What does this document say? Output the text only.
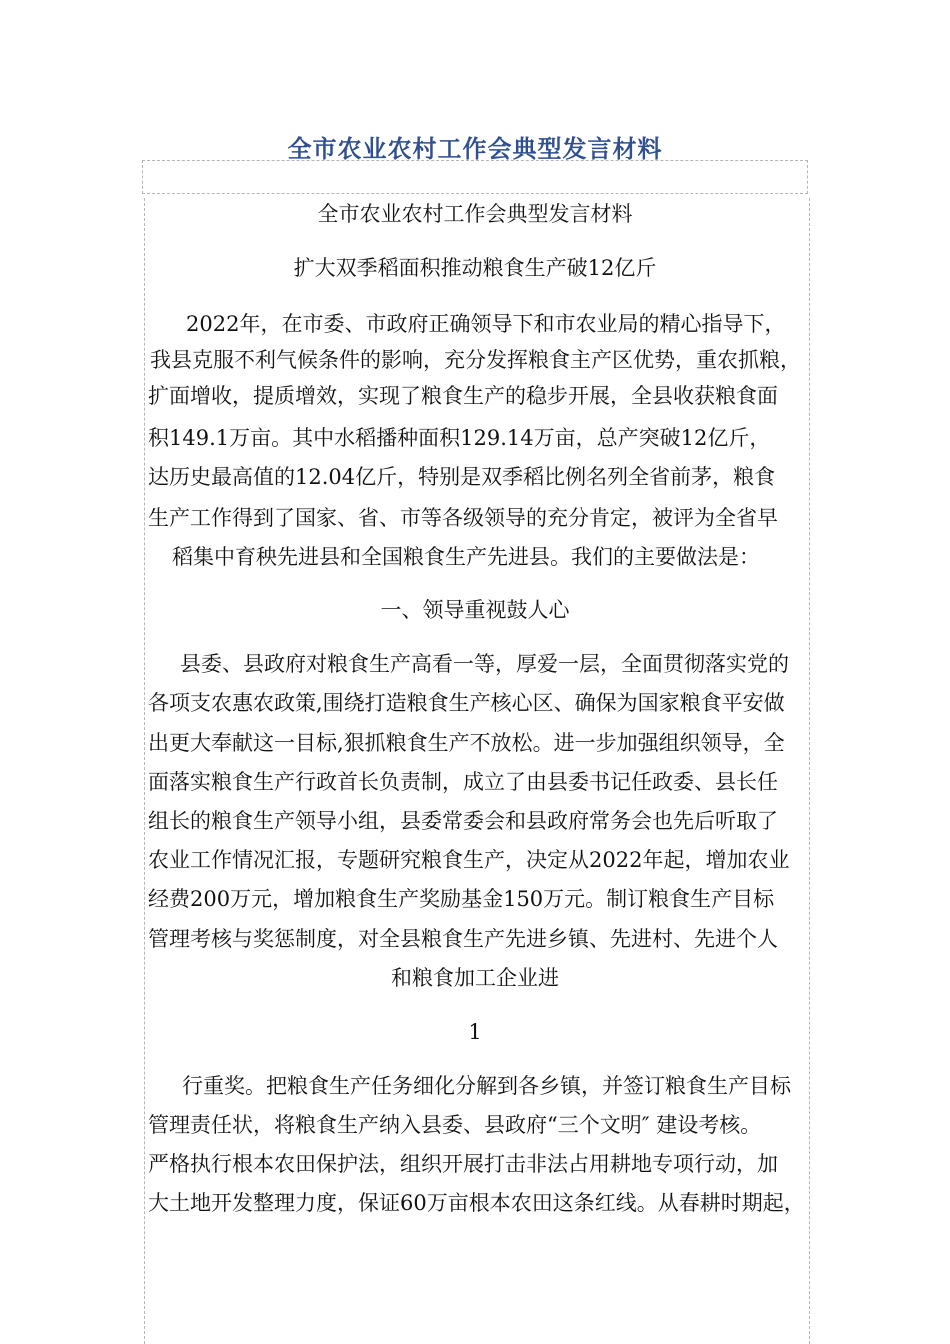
全市农业农村工作会典型发言材料
全市农业农村工作会典型发言材料
扩大双季稻面积推动粮食生产破12亿斤
2022年，在市委、市政府正确领导下和市农业局的精心指导下，
我县克服不利气候条件的影响，充分发挥粮食主产区优势，重农抓粮，
扩面增收，提质增效，实现了粮食生产的稳步开展，全县收获粮食面
积149.1万亩。其中水稻播种面积129.14万亩，总产突破12亿斤，
达历史最高值的12.04亿斤，特别是双季稻比例名列全省前茅，粮食
生产工作得到了国家、省、市等各级领导的充分肯定，被评为全省早
稻集中育秧先进县和全国粮食生产先进县。我们的主要做法是：
一、领导重视鼓人心
县委、县政府对粮食生产高看一等，厚爱一层，全面贯彻落实党的
各项支农惠农政策,围绕打造粮食生产核心区、确保为国家粮食平安做
出更大奉献这一目标,狠抓粮食生产不放松。进一步加强组织领导，全
面落实粮食生产行政首长负责制，成立了由县委书记任政委、县长任
组长的粮食生产领导小组，县委常委会和县政府常务会也先后听取了
农业工作情况汇报，专题研究粮食生产，决定从2022年起，增加农业
经费200万元，增加粮食生产奖励基金150万元。制订粮食生产目标
管理考核与奖惩制度，对全县粮食生产先进乡镇、先进村、先进个人
和粮食加工企业进
1
行重奖。把粮食生产任务细化分解到各乡镇，并签订粮食生产目标
管理责任状，将粮食生产纳入县委、县政府“三个文明″ 建设考核。
严格执行根本农田保护法，组织开展打击非法占用耕地专项行动，加
大土地开发整理力度，保证60万亩根本农田这条红线。从春耕时期起，
